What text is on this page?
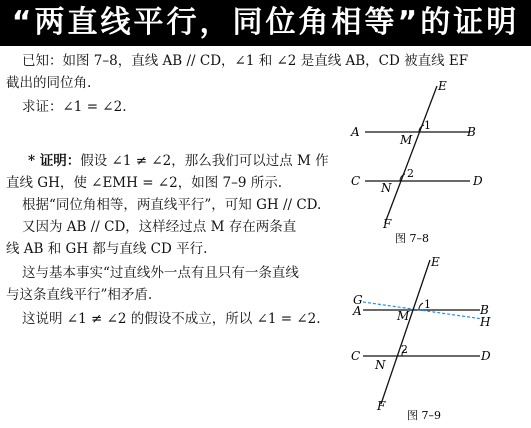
“两直线平行，同位角相等”的证明
已知：如图 7–8，直线 AB // CD，∠1 和 ∠2 是直线 AB，CD 被直线 EF
截出的同位角.
求证：∠1 = ∠2.
* 证明：假设 ∠1 ≠ ∠2，那么我们可以过点 M 作
直线 GH，使 ∠EMH = ∠2，如图 7–9 所示.
根据“同位角相等，两直线平行”，可知 GH // CD.
又因为 AB // CD，这样经过点 M 存在两条直
线 AB 和 GH 都与直线 CD 平行.
这与基本事实“过直线外一点有且只有一条直线
与这条直线平行”相矛盾.
这说明 ∠1 ≠ ∠2 的假设不成立，所以 ∠1 = ∠2.
E
A	B
M
1
C	D
N
2
F
图 7–8
E
G
A	M
1	B
H
C	D
N
2
F
图 7–9
